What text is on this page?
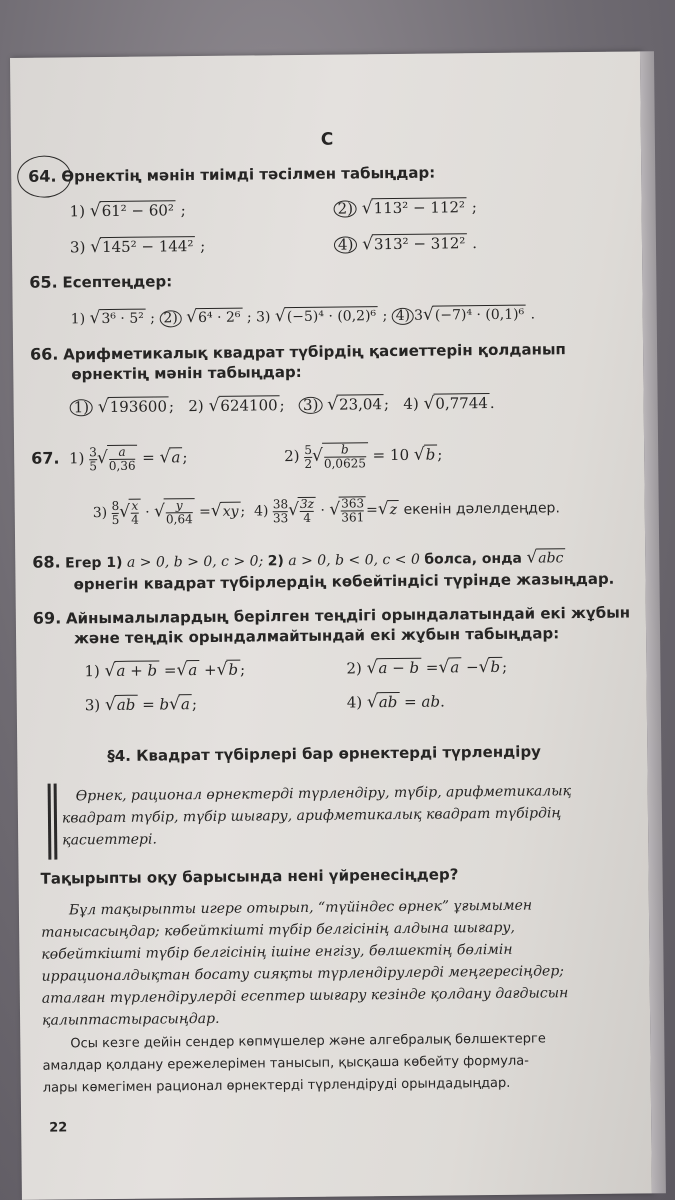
C
64. Өрнектің мәнін тиімді тәсілмен табыңдар:
1) √61² − 60² ;	2) √113² − 112² ;
3) √145² − 144² ;	4) √313² − 312² .
65. Есептеңдер:
1) √3⁶ · 5² ; 2) √6⁴ · 2⁶ ; 3) √(−5)⁴ · (0,2)⁶ ; 4) 3√(−7)⁴ · (0,1)⁶ .
66. Арифметикалық квадрат түбірдің қасиеттерін қолданып
өрнектің мәнін табыңдар:
1) √193600 ; 2) √624100 ; 3) √23,04 ; 4) √0,7744 .
67. $1) \frac{3}{5}$ √
$\frac{a}{0,36} = √a$ ;	$2) \frac{5}{2}$ √
$\frac{b}{0,0625} = 10$ √b ;
$3) \frac{8}{5}$ √
$\frac{x}{4}$ · √
$\frac{y}{0,64} =√xy$ ; $4) \frac{38}{33}$ √
$\frac{3z}{4}$ · √
$\frac{363}{361} =√z$ екенін дәлелдеңдер.
68. Егер 1) a > 0, b > 0, c > 0; 2) a > 0, b < 0, c < 0 болса, онда √abc
өрнегін квадрат түбірлердің көбейтіндісі түрінде жазыңдар.
69. Айнымалылардың берілген теңдігі орындалатындай екі жұбын
және теңдік орындалмайтындай екі жұбын табыңдар:
1) √a + b =√a +√b ;	2) √a − b =√a −√b ;
3) √ab = b√a ;	4) √ab = ab.
§4. Квадрат түбірлері бар өрнектерді түрлендіру
Өрнек, рационал өрнектерді түрлендіру, түбір, арифметикалық
квадрат түбір, түбір шығару, арифметикалық квадрат түбірдің
қасиеттері.
Тақырыпты оқу барысында нені үйренесіңдер?
Бұл тақырыпты игере отырып, “түйіндес өрнек” ұғымымен
танысасыңдар; көбейткішті түбір белгісінің алдына шығару,
көбейткішті түбір белгісінің ішіне енгізу, бөлшектің бөлімін
иррационалдықтан босату сияқты түрлендірулерді меңгересіңдер;
аталған түрлендірулерді есептер шығару кезінде қолдану дағдысын
қалыптастырасыңдар.
Осы кезге дейін сендер көпмүшелер және алгебралық бөлшектерге
амалдар қолдану ережелерімен танысып, қысқаша көбейту формула-
лары көмегімен рационал өрнектерді түрлендіруді орындадыңдар.
22
